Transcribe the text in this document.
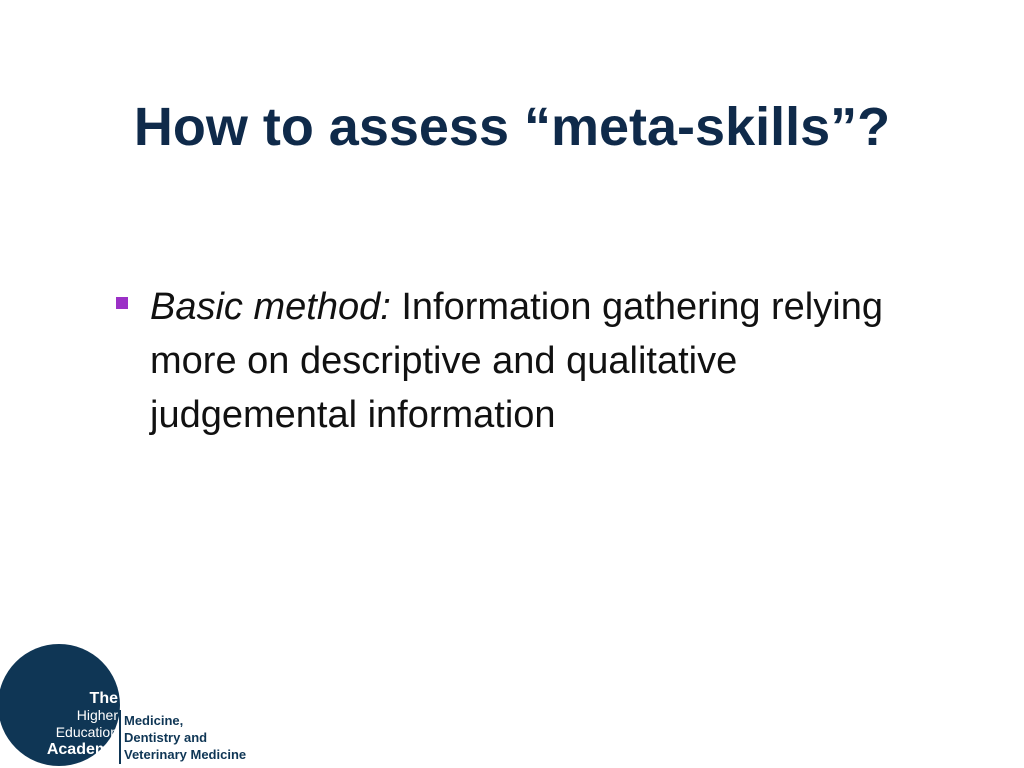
How to assess “meta-skills”?
Basic method: Information gathering relying more on descriptive and qualitative judgemental information
The
Higher
Education
Academy
Medicine,
Dentistry and
Veterinary Medicine
